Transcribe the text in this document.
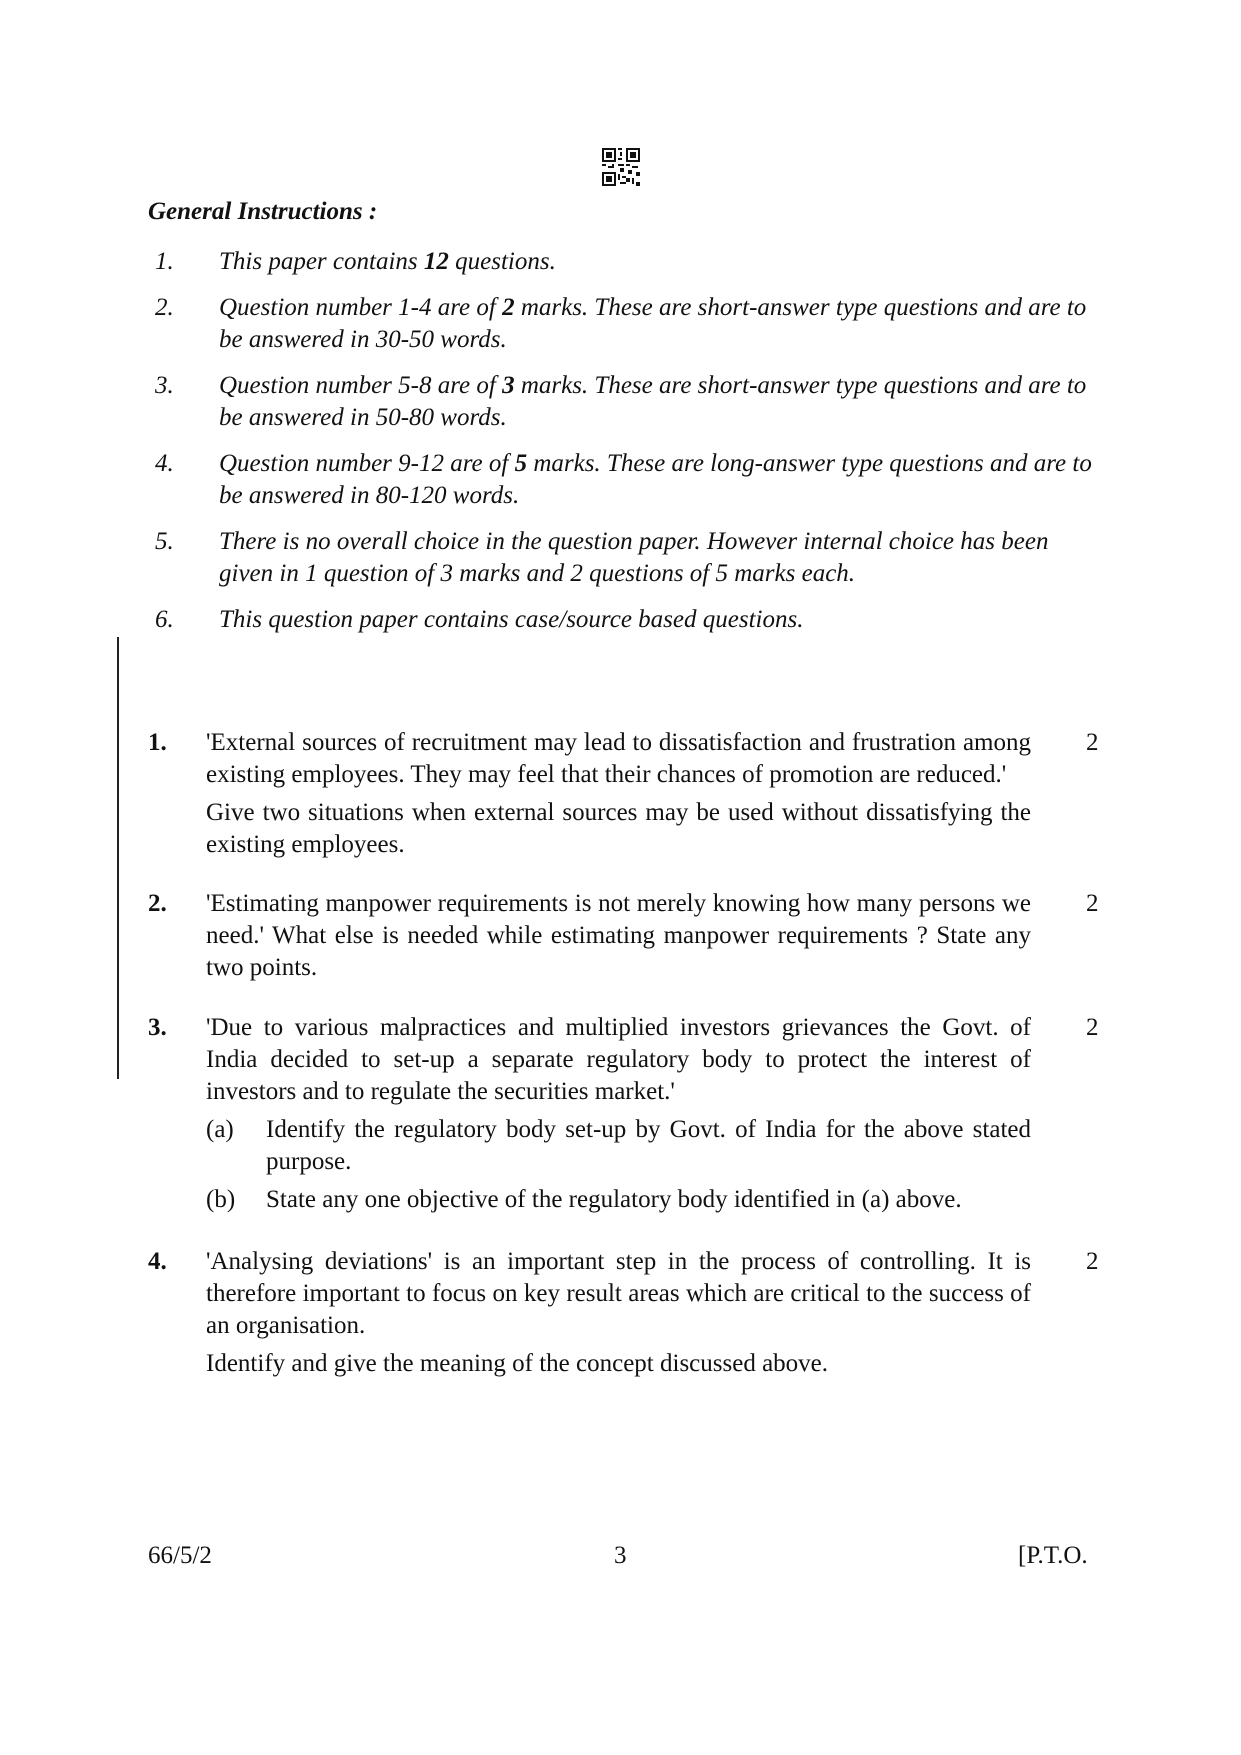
General Instructions :
1.	This paper contains 12 questions.
2.	Question number 1-4 are of 2 marks. These are short-answer type questions and are to be answered in 30-50 words.
3.	Question number 5-8 are of 3 marks. These are short-answer type questions and are to be answered in 50-80 words.
4.	Question number 9-12 are of 5 marks. These are long-answer type questions and are to be answered in 80-120 words.
5.	There is no overall choice in the question paper. However internal choice has been given in 1 question of 3 marks and 2 questions of 5 marks each.
6.	This question paper contains case/source based questions.
1. 'External sources of recruitment may lead to dissatisfaction and frustration among existing employees. They may feel that their chances of promotion are reduced.'

Give two situations when external sources may be used without dissatisfying the existing employees.

2
2. 'Estimating manpower requirements is not merely knowing how many persons we need.' What else is needed while estimating manpower requirements ? State any two points.

2
3. 'Due to various malpractices and multiplied investors grievances the Govt. of India decided to set-up a separate regulatory body to protect the interest of investors and to regulate the securities market.'

(a) Identify the regulatory body set-up by Govt. of India for the above stated purpose.
(b) State any one objective of the regulatory body identified in (a) above.
2
4. 'Analysing deviations' is an important step in the process of controlling. It is therefore important to focus on key result areas which are critical to the success of an organisation.

Identify and give the meaning of the concept discussed above.

2
66/5/2	3	[P.T.O.
